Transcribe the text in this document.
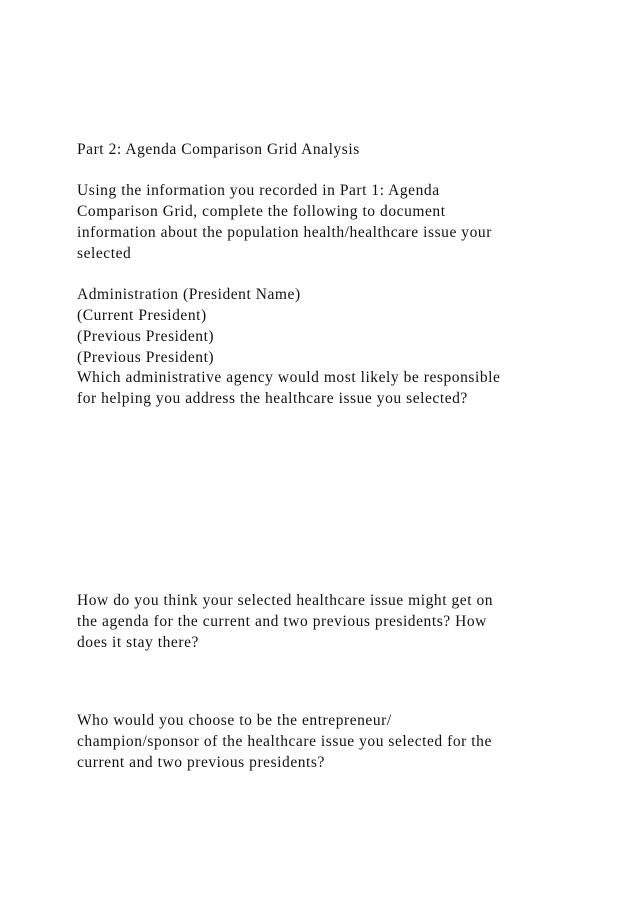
Part 2: Agenda Comparison Grid Analysis

Using the information you recorded in Part 1: Agenda

Comparison Grid, complete the following to document

information about the population health/healthcare issue your

selected

Administration (President Name)

(Current President)

(Previous President)

(Previous President)

Which administrative agency would most likely be responsible

for helping you address the healthcare issue you selected?

How do you think your selected healthcare issue might get on

the agenda for the current and two previous presidents? How

does it stay there?

Who would you choose to be the entrepreneur/

champion/sponsor of the healthcare issue you selected for the

current and two previous presidents?
